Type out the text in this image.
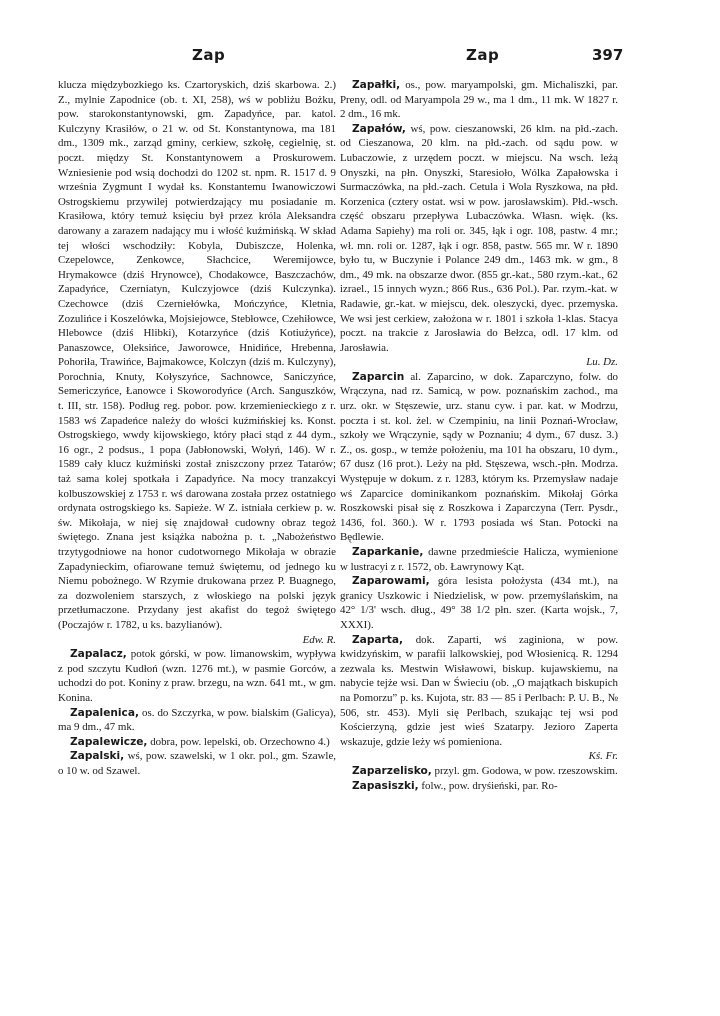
Zap	Zap	397

klucza międzybozkiego ks. Czartoryskich, dziś skarbowa. 2.) Z., mylnie Zapodnice (ob. t. XI, 258), wś w pobliżu Bożku, pow. starokonstantynowski, gm. Zapadyńce, par. katol. Kulczyny Krasiłów, o 21 w. od St. Konstantynowa, ma 181 dm., 1309 mk., zarząd gminy, cerkiew, szkołę, cegielnię, st. poczt. między St. Konstantynowem a Proskurowem. Wzniesienie pod wsią dochodzi do 1202 st. npm. R. 1517 d. 9 września Zygmunt I wydał ks. Konstantemu Iwanowiczowi Ostrogskiemu przywilej potwierdzający mu posiadanie m. Krasiłowa, który temuż księciu był przez króla Aleksandra darowany a zarazem nadający mu i włość kuźmińską. W skład tej włości wschodziły: Kobyla, Dubiszcze, Holenka, Czepelowce, Zenkowce, Słachcice, Weremijowce, Hrymakowce (dziś Hrynowce), Chodakowce, Baszczachów, Zapadyńce, Czerniatyn, Kulczyjowce (dziś Kulczynka). Czechowce (dziś Czerniełówka, Mończyńce, Kletnia, Zozulińce i Koszelówka, Mojsiejowce, Stebłowce, Czehiłowce, Hlebowce (dziś Hlibki), Kotarzyńce (dziś Kotiużyńce), Panaszowce, Oleksińce, Jaworowce, Hnidińce, Hrebenna, Pohoriła, Trawińce, Bajmakowce, Kolczyn (dziś m. Kulczyny), Porochnia, Knuty, Kołyszyńce, Sachnowce, Saniczyńce, Semericzyńce, Łanowce i Skoworodyńce (Arch. Sanguszków, t. III, str. 158). Podług reg. pobor. pow. krzemienieckiego z r. 1583 wś Zapadeńce należy do włości kuźmińskiej ks. Konst. Ostrogskiego, wwdy kijowskiego, który płaci stąd z 44 dym., 16 ogr., 2 podsus., 1 popa (Jabłonowski, Wołyń, 146). W r. 1589 cały klucz kuźmiński został zniszczony przez Tatarów; taż sama kolej spotkała i Zapadyńce. Na mocy tranzakcyi kolbuszowskiej z 1753 r. wś darowana została przez ostatniego ordynata ostrogskiego ks. Sapieże. W Z. istniała cerkiew p. w. św. Mikołaja, w niej się znajdował cudowny obraz tegoż świętego. Znana jest książka nabożna p. t. „Nabożeństwo trzytygodniowe na honor cudotwornego Mikołaja w obrazie Zapadynieckim, ofiarowane temuż świętemu, od jednego ku Niemu pobożnego. W Rzymie drukowana przez P. Buagnego, za dozwoleniem starszych, z włoskiego na polski język przetłumaczone. Przydany jest akafist do tegoż świętego (Poczajów r. 1782, u ks. bazylianów).

Edw. R.

Zapalacz, potok górski, w pow. limanowskim, wypływa z pod szczytu Kudłoń (wzn. 1276 mt.), w pasmie Gorców, a uchodzi do pot. Koniny z praw. brzegu, na wzn. 641 mt., w gm. Konina.

Zapalenica, os. do Szczyrka, w pow. bialskim (Galicya), ma 9 dm., 47 mk.

Zapalewicze, dobra, pow. lepelski, ob. Orzechowno 4.)

Zapalski, wś, pow. szawelski, w 1 okr. pol., gm. Szawle, o 10 w. od Szawel.

Zapałki, os., pow. maryampolski, gm. Michaliszki, par. Preny, odl. od Maryampola 29 w., ma 1 dm., 11 mk. W 1827 r. 2 dm., 16 mk.

Zapałów, wś, pow. cieszanowski, 26 klm. na płd.-zach. od Cieszanowa, 20 klm. na płd.-zach. od sądu pow. w Lubaczowie, z urzędem poczt. w miejscu. Na wsch. leżą Onyszki, na płn. Onyszki, Staresioło, Wólka Zapałowska i Surmaczówka, na płd.-zach. Cetula i Wola Ryszkowa, na płd. Korzenica (cztery ostat. wsi w pow. jarosławskim). Płd.-wsch. część obszaru przepływa Lubaczówka. Własn. więk. (ks. Adama Sapiehy) ma roli or. 345, łąk i ogr. 108, pastw. 4 mr.; wł. mn. roli or. 1287, łąk i ogr. 858, pastw. 565 mr. W r. 1890 było tu, w Buczynie i Polance 249 dm., 1463 mk. w gm., 8 dm., 49 mk. na obszarze dwor. (855 gr.-kat., 580 rzym.-kat., 62 izrael., 15 innych wyzn.; 866 Rus., 636 Pol.). Par. rzym.-kat. w Radawie, gr.-kat. w miejscu, dek. oleszycki, dyec. przemyska. We wsi jest cerkiew, założona w r. 1801 i szkoła 1-klas. Stacya poczt. na trakcie z Jarosławia do Bełzca, odl. 17 klm. od Jarosławia.

Lu. Dz.

Zaparcin al. Zaparcino, w dok. Zaparczyno, folw. do Wrączyna, nad rz. Samicą, w pow. poznańskim zachod., ma urz. okr. w Stęszewie, urz. stanu cyw. i par. kat. w Modrzu, poczta i st. kol. żel. w Czempiniu, na linii Poznań-Wrocław, szkoły we Wrączynie, sądy w Poznaniu; 4 dym., 67 dusz. 3.) Z., os. gosp., w temże położeniu, ma 101 ha obszaru, 10 dym., 67 dusz (16 prot.). Leży na płd. Stęszewa, wsch.-płn. Modrza. Występuje w dokum. z r. 1283, którym ks. Przemysław nadaje wś Zaparcice dominikankom poznańskim. Mikołaj Górka Roszkowski pisał się z Roszkowa i Zaparczyna (Terr. Pysdr., 1436, fol. 360.). W r. 1793 posiada wś Stan. Potocki na Będlewie.

Zaparkanie, dawne przedmieście Halicza, wymienione w lustracyi z r. 1572, ob. Ławrynowy Kąt.

Zaparowami, góra lesista położysta (434 mt.), na granicy Uszkowic i Niedzielisk, w pow. przemyślańskim, na 42° 1/3' wsch. dług., 49° 38 1/2 płn. szer. (Karta wojsk., 7, XXXI).

Zaparta, dok. Zaparti, wś zaginiona, w pow. kwidzyńskim, w parafii lalkowskiej, pod Włosienicą. R. 1294 zezwala ks. Mestwin Wisławowi, biskup. kujawskiemu, na nabycie tejże wsi. Dan w Świeciu (ob. „O majątkach biskupich na Pomorzu” p. ks. Kujota, str. 83 — 85 i Perlbach: P. U. B., № 506, str. 453). Myli się Perlbach, szukając tej wsi pod Kościerzyną, gdzie jest wieś Szatarpy. Jezioro Zaperta wskazuje, gdzie leży wś pomieniona.

Kś. Fr.

Zaparzelisko, przyl. gm. Godowa, w pow. rzeszowskim.

Zapasiszki, folw., pow. dryśieński, par. Ro-
